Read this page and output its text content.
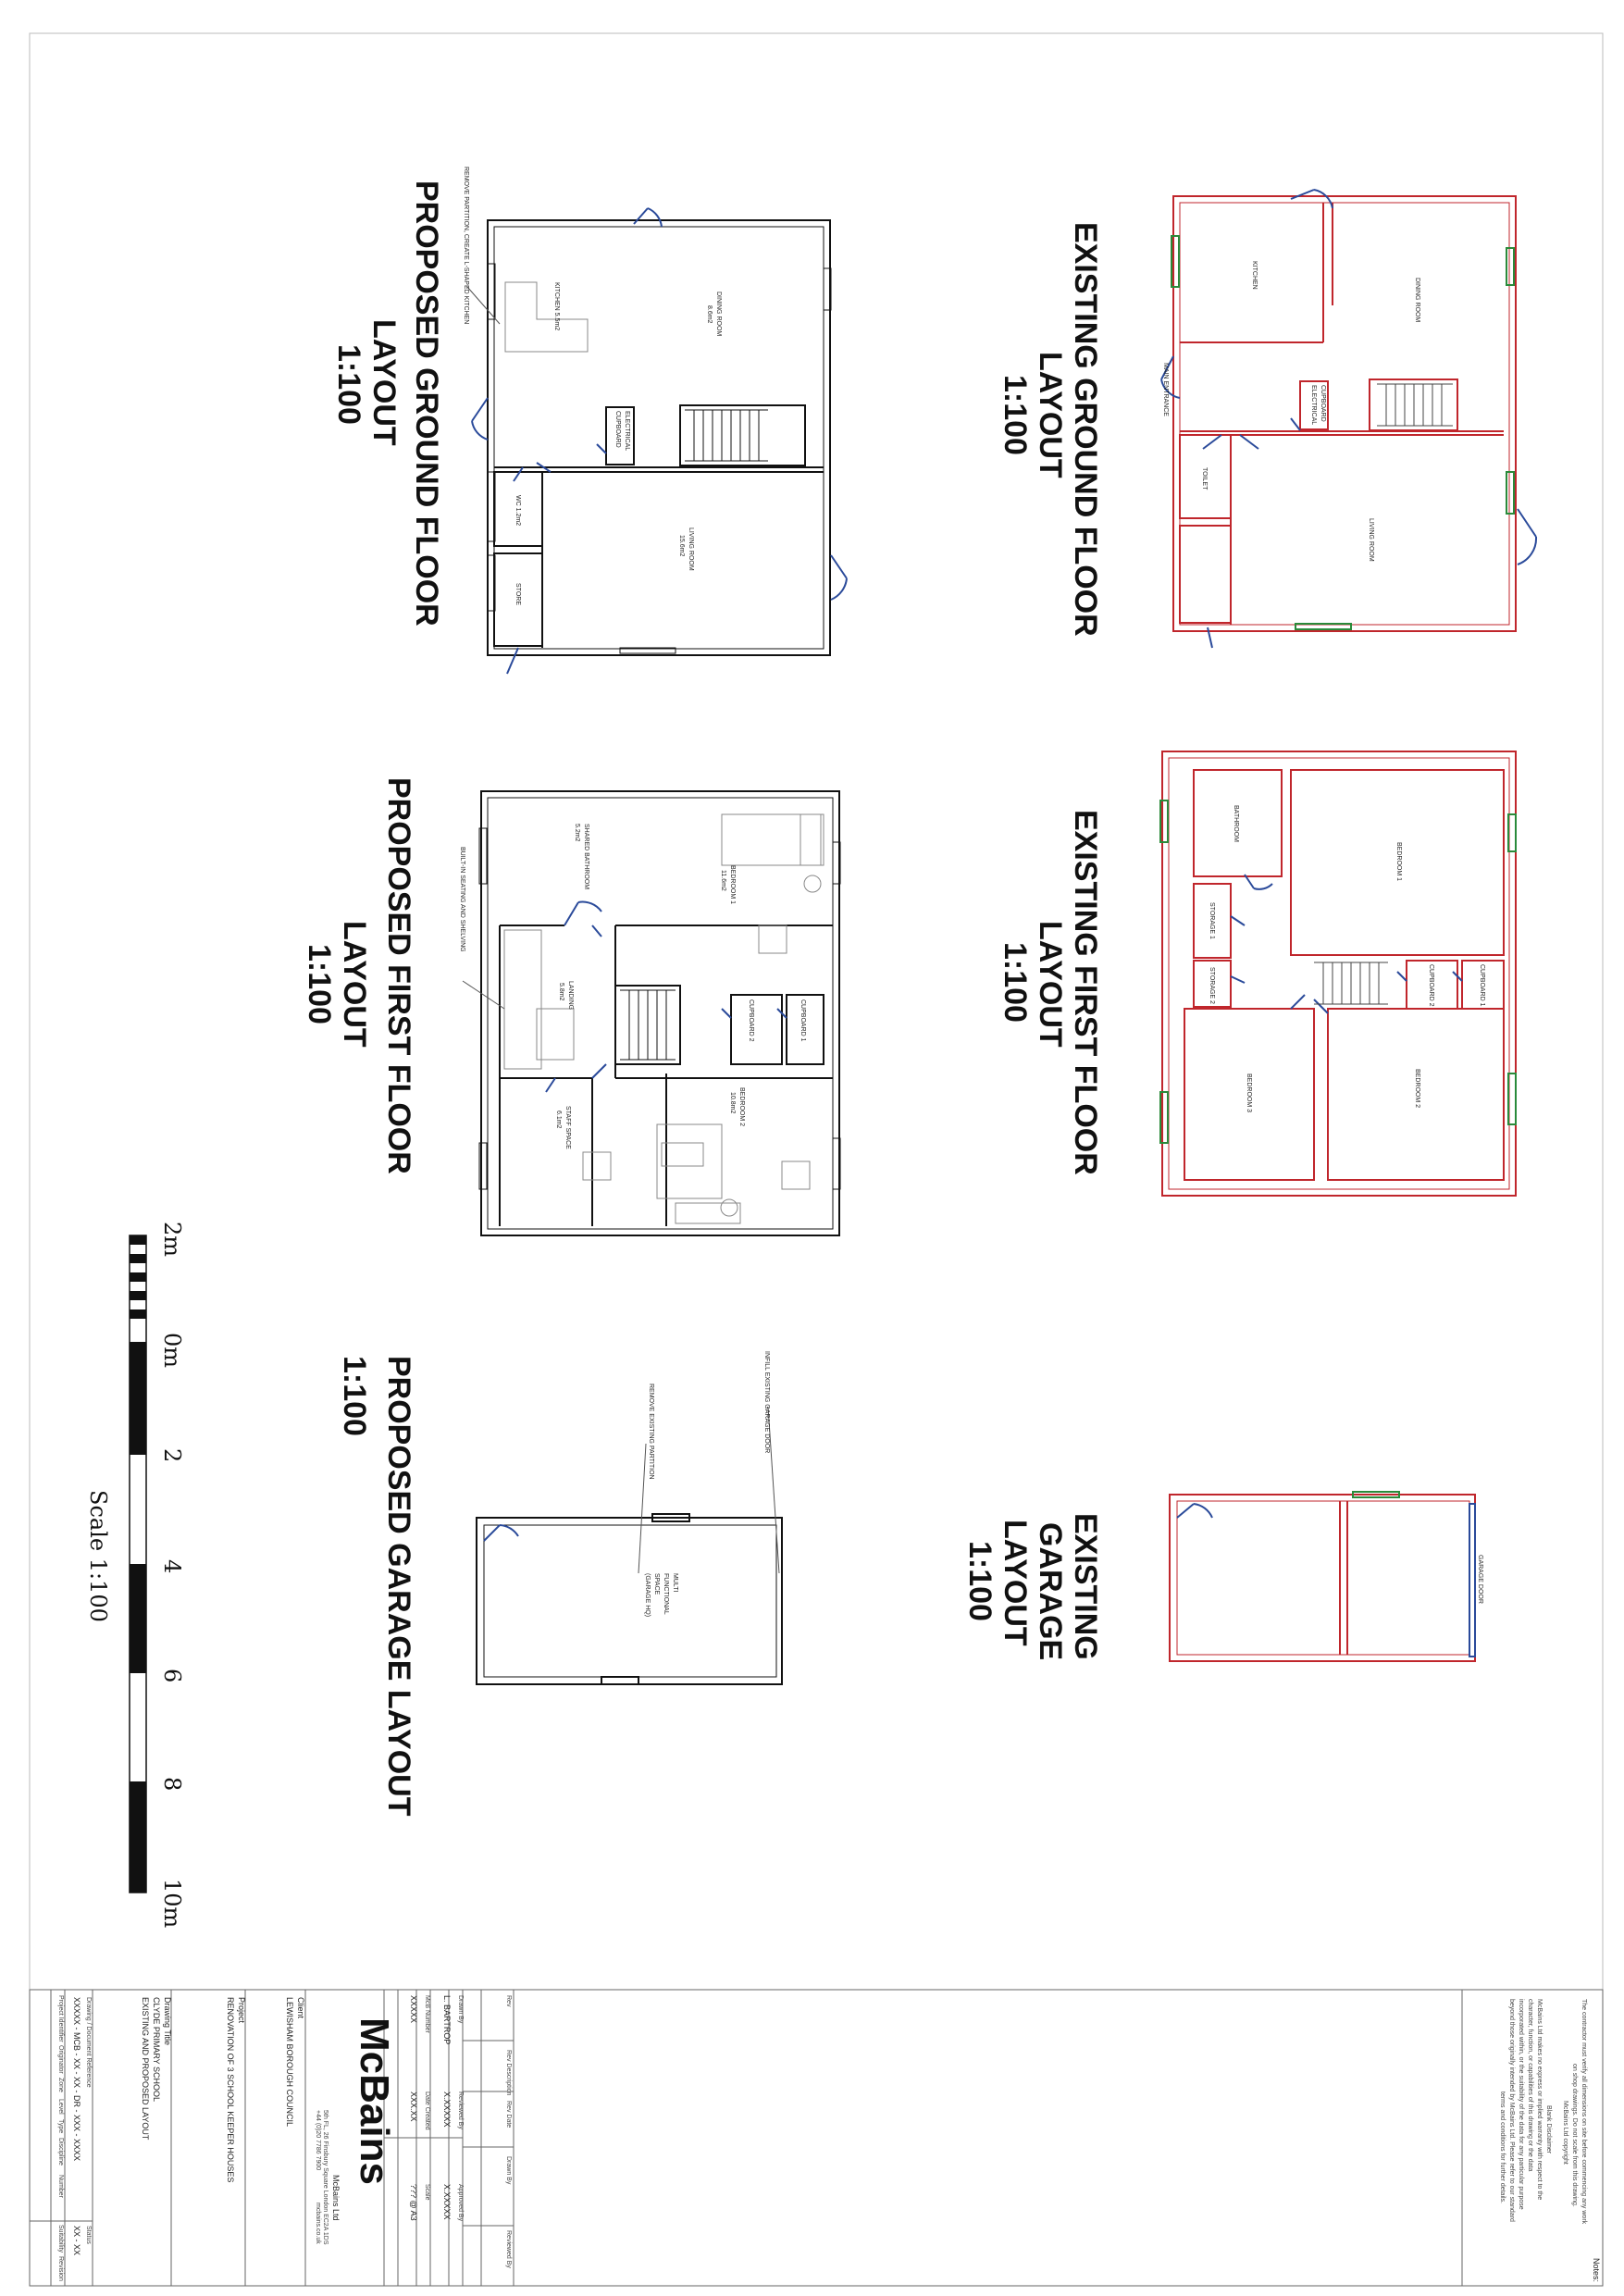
KITCHEN
DINING ROOM
LIVING ROOM
ELECTRICAL CUPBOARD
MAIN ENTRANCE
TOILET
EXISTING GROUND FLOOR
LAYOUT
1:100
BEDROOM 1
BEDROOM 2
BEDROOM 3
BATHROOM
STORAGE 1
STORAGE 2	CUPBOARD 1
CUPBOARD 2
EXISTING FIRST FLOOR
LAYOUT
1:100
GARAGE DOOR
EXISTING
GARAGE
LAYOUT
1:100
REMOVE PARTITION, CREATE L-SHAPED KITCHEN	KITCHEN 5.5m2	DINING ROOM
8.6m2
LIVING ROOM
15.6m2
ELECTRICAL
CUPBOARD
WC 1.2m2
STORE
PROPOSED GROUND FLOOR
LAYOUT
1:100
BUILT-IN SEATING AND SHELVING	SHARED BATHROOM
5.2m2
BEDROOM 1
11.6m2
LANDING
5.8m2
CUPBOARD 2	CUPBOARD 1
BEDROOM 2
10.8m2
STAFF SPACE
6.1m2
PROPOSED FIRST FLOOR
LAYOUT
1:100
REMOVE EXISTING PARTITION	INFILL EXISTING GARAGE DOOR
MULTI
FUNCTIONAL
SPACE
(GARAGE HQ)
PROPOSED GARAGE LAYOUT
1:100
2m
0m
2
4
6
8
10m
Scale 1:100
Notes:
The contractor must verify all dimensions on site before commencing any work
on shop drawings. Do not scale from this drawing.
McBains Ltd copyright
Blank Disclaimer
McBains Ltd makes no express or implied warranty with respect to the
character, function, or capabilities of this drawing or the data
incorporated within, or the suitability of the data for any particular purpose
beyond those originally intended by McBains Ltd. Please refer to our standard
terms and conditions for further details.
Rev
Rev Description
Rev Date
Drawn By
Reviewed By
Drawn By
L. BARTROP
Reviewed By
X.XXXXX
Approved By
X.XXXXX
McB Number
XXXXX
Date Created
XXX.XX
Scale
??? @ A3
McBains
McBains Ltd
5th FL, 26 Finsbury Square London EC2A 1DS
+44 (0)20 7786 7900
mcbains.co.uk
Client
LEWISHAM BOROUGH COUNCIL
Project
RENOVATION OF 3 SCHOOL KEEPER HOUSES
Drawing Title
CLYDE PRIMARY SCHOOL
EXISTING AND PROPOSED LAYOUT
Drawing / Document Reference
XXXXX - MCB - XX - XX - DR - XXX - XXXX
Project Identifier
Originator
Zone
Level
Type
Discipline
Number
Status
XX - XX
Suitability
Revision
